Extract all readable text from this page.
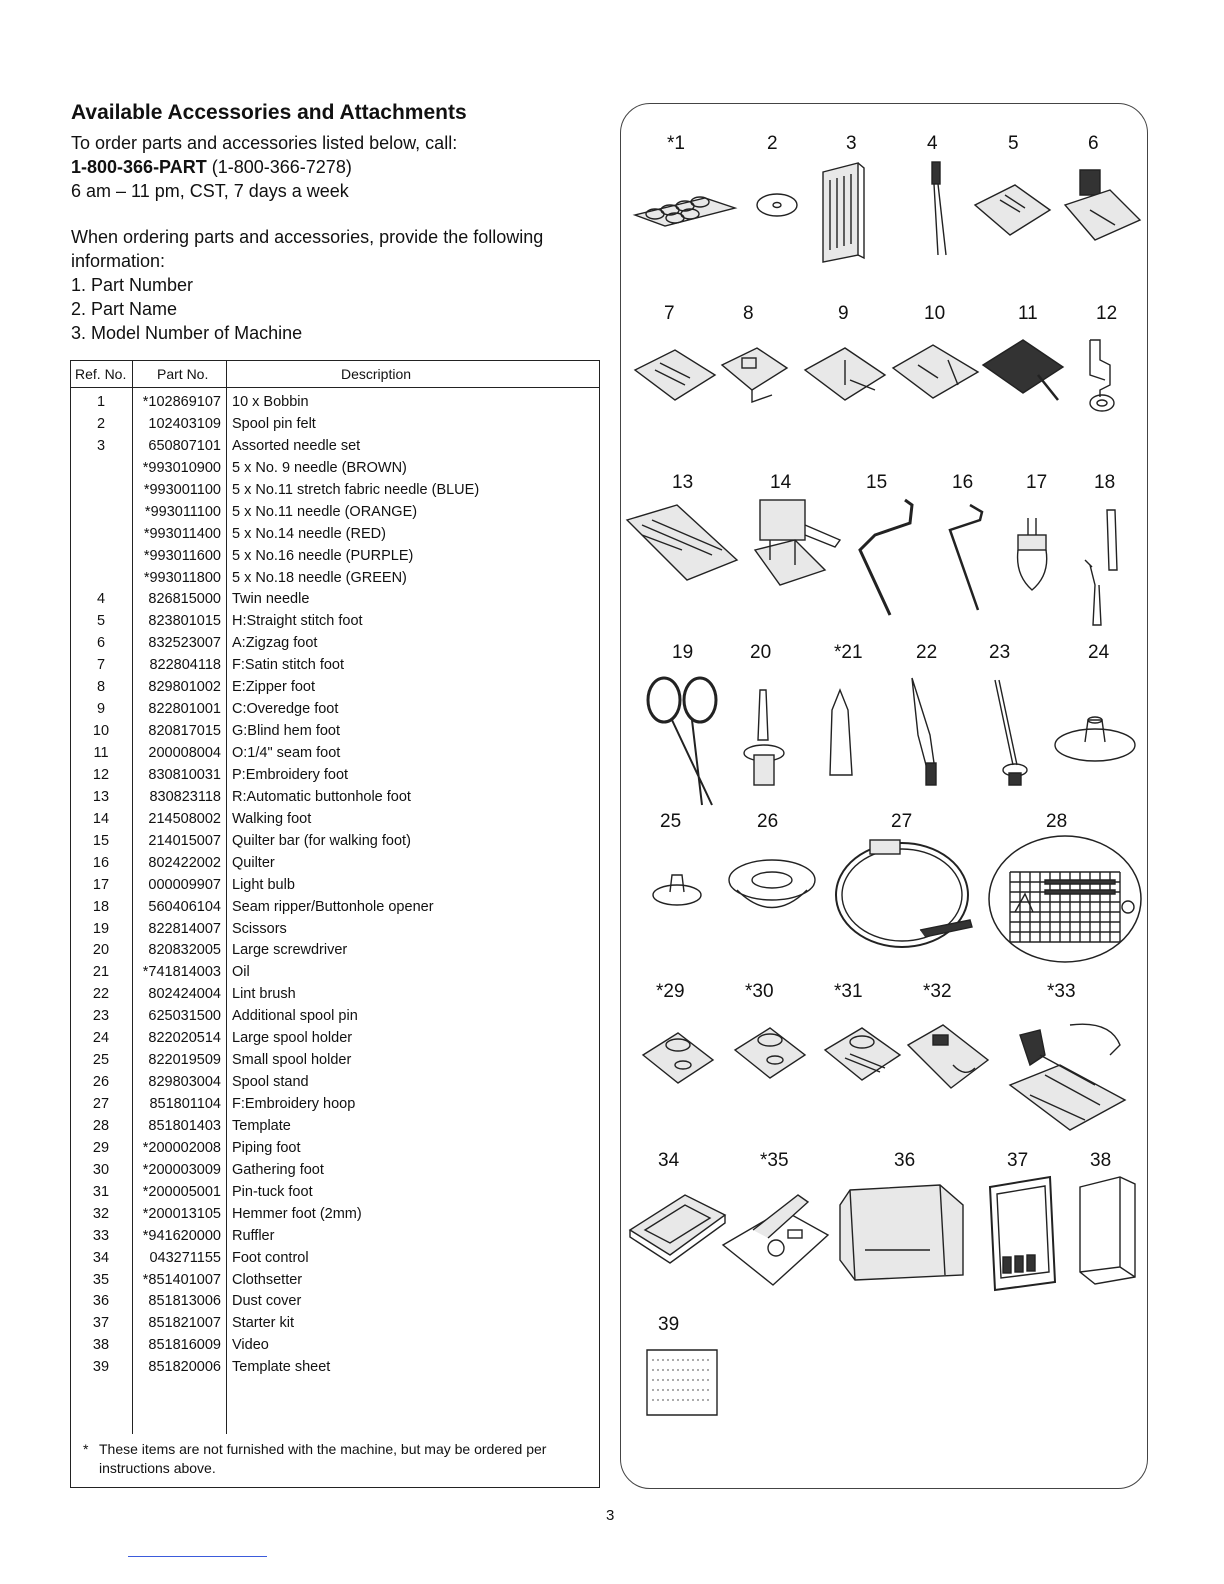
Available Accessories and Attachments

To order parts and accessories listed below, call:

1-800-366-PART (1-800-366-7278)

6 am – 11 pm, CST, 7 days a week

When ordering parts and accessories, provide the following information:

1. Part Number
2. Part Name
3. Model Number of Machine
Ref. No. Part No.	Description
1	*102869107 10 x Bobbin
2	102403109 Spool pin felt
3	650807101 Assorted needle set
*993010900 5 x No. 9 needle (BROWN)
*993001100 5 x No.11 stretch fabric needle (BLUE)
*993011100 5 x No.11 needle (ORANGE)
*993011400 5 x No.14 needle (RED)
*993011600 5 x No.16 needle (PURPLE)
*993011800 5 x No.18 needle (GREEN)
4	826815000 Twin needle
5	823801015 H:Straight stitch foot
6	832523007 A:Zigzag foot
7	822804118 F:Satin stitch foot
8	829801002 E:Zipper foot
9	822801001 C:Overedge foot
10	820817015 G:Blind hem foot
11	200008004 O:1/4" seam foot
12	830810031 P:Embroidery foot
13	830823118 R:Automatic buttonhole foot
14	214508002 Walking foot
15	214015007 Quilter bar (for walking foot)
16	802422002 Quilter
17	000009907 Light bulb
18	560406104 Seam ripper/Buttonhole opener
19	822814007 Scissors
20	820832005 Large screwdriver
21	*741814003 Oil
22	802424004 Lint brush
23	625031500 Additional spool pin
24	822020514 Large spool holder
25	822019509 Small spool holder
26	829803004 Spool stand
27	851801104 F:Embroidery hoop
28	851801403 Template
29	*200002008 Piping foot
30	*200003009 Gathering foot
31	*200005001 Pin-tuck foot
32	*200013105 Hemmer foot (2mm)
33	*941620000 Ruffler
34	043271155 Foot control
35	*851401007 Clothsetter
36	851813006 Dust cover
37	851821007 Starter kit
38	851816009 Video
39	851820006 Template sheet
* These items are not furnished with the machine, but may be ordered per instructions above.
*1	2	3	4	5	6
7	8	9	10	11	12
13	14	15	16	17 18
19	20	*21	22	23	24
25	26	27	28
*29	*30	*31	*32	*33
34	*35	36	37	38
39
3
